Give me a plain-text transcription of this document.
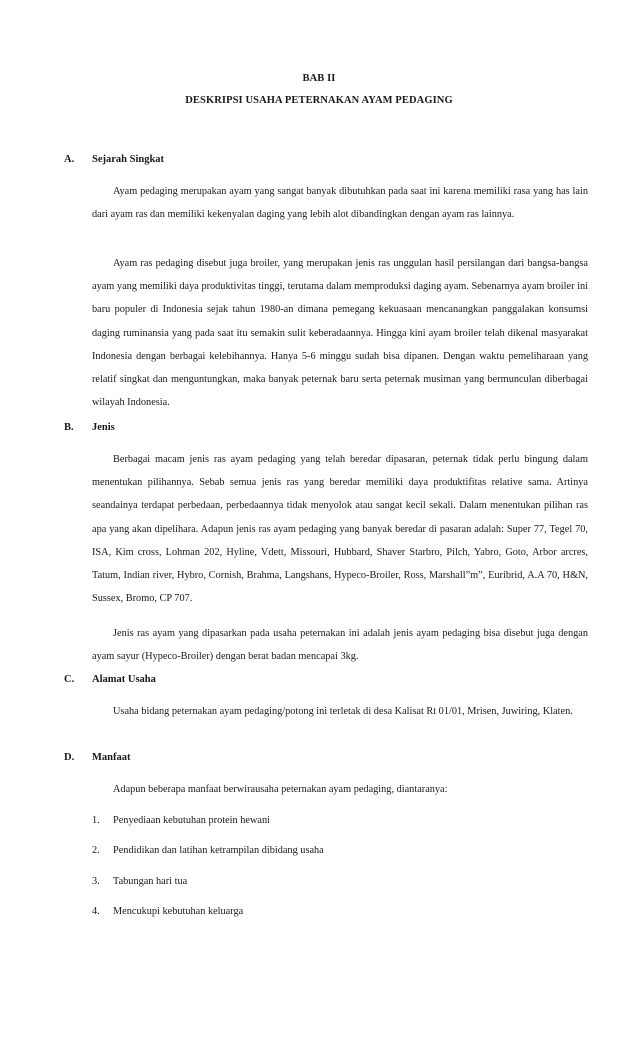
BAB II
DESKRIPSI USAHA PETERNAKAN AYAM PEDAGING
A.	Sejarah Singkat

Ayam pedaging merupakan ayam yang sangat banyak dibutuhkan pada saat ini karena memiliki rasa yang has lain dari ayam ras dan memiliki kekenyalan daging yang lebih alot dibandingkan dengan ayam ras lainnya.

Ayam ras pedaging disebut juga broiler, yang merupakan jenis ras unggulan hasil persilangan dari bangsa-bangsa ayam yang memiliki daya produktivitas tinggi, terutama dalam memproduksi daging ayam. Sebenarnya ayam broiler ini baru populer di Indonesia sejak tahun 1980-an dimana pemegang kekuasaan mencanangkan panggalakan konsumsi daging ruminansia yang pada saat itu semakin sulit keberadaannya. Hingga kini ayam broiler telah dikenal masyarakat Indonesia dengan berbagai kelebihannya. Hanya 5-6 minggu sudah bisa dipanen. Dengan waktu pemeliharaan yang relatif singkat dan menguntungkan, maka banyak peternak baru serta peternak musiman yang bermunculan diberbagai wilayah Indonesia.

B.	Jenis

Berbagai macam jenis ras ayam pedaging yang telah beredar dipasaran, peternak tidak perlu bingung dalam menentukan pilihannya. Sebab semua jenis ras yang beredar memiliki daya produktifitas relative sama. Artinya seandainya terdapat perbedaan, perbedaannya tidak menyolok atau sangat kecil sekali. Dalam menentukan pilihan ras apa yang akan dipelihara. Adapun jenis ras ayam pedaging yang banyak beredar di pasaran adalah: Super 77, Tegel 70, ISA, Kim cross, Lohman 202, Hyline, Vdett, Missouri, Hubbard, Shaver Starbro, Pilch, Yabro, Goto, Arbor arcres, Tatum, Indian river, Hybro, Cornish, Brahma, Langshans, Hypeco-Broiler, Ross, Marshall”m”, Euribrid, A.A 70, H&N, Sussex, Bromo, CP 707.

Jenis ras ayam yang dipasarkan pada usaha peternakan ini adalah jenis ayam pedaging bisa disebut juga dengan ayam sayur (Hypeco-Broiler) dengan berat badan mencapai 3kg.

C.	Alamat Usaha

Usaha bidang peternakan ayam pedaging/potong ini terletak di desa Kalisat Rt 01/01, Mrisen, Juwiring, Klaten.

D.	Manfaat

Adapun beberapa manfaat berwirausaha peternakan ayam pedaging, diantaranya:

1.	Penyediaan kebutuhan protein hewani
2.	Pendidikan dan latihan ketrampilan dibidang usaha
3.	Tabungan hari tua
4.	Mencukupi kebutuhan keluarga
